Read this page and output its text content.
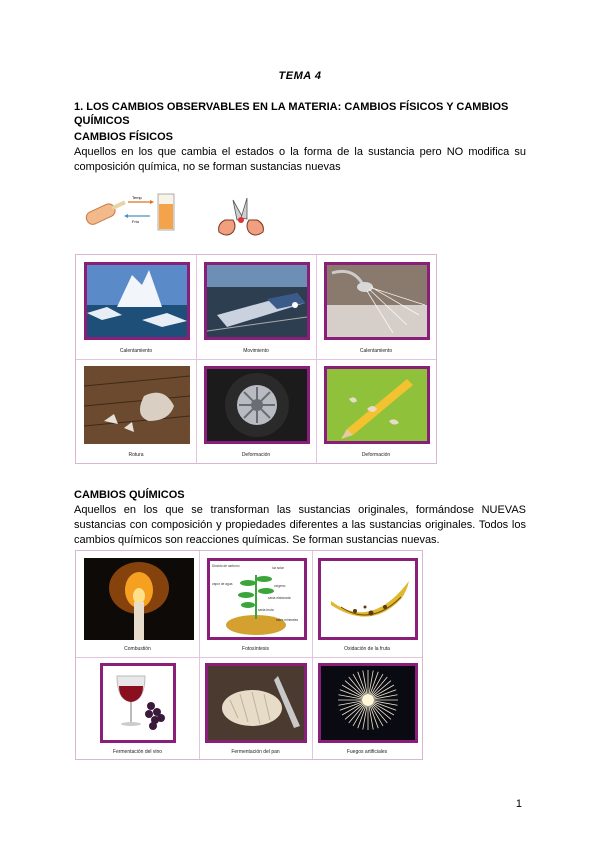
TEMA 4
1. LOS CAMBIOS OBSERVABLES EN LA MATERIA: CAMBIOS FÍSICOS Y CAMBIOS QUÍMICOS
CAMBIOS FÍSICOS
Aquellos en los que cambia el estados o la forma de la sustancia pero NO modifica su composición química, no se forman sustancias nuevas
Temp
Frío
Calentamiento	Movimiento	Calentamiento
Rotura	Deformación	Deformación
CAMBIOS QUÍMICOS
Aquellos en los que se transforman las sustancias originales, formándose NUEVAS sustancias con composición y propiedades diferentes a las sustancias originales. Todos los cambios químicos son reacciones químicas. Se forman sustancias nuevas.
Combustión
Dióxido de carbono	luz solar
vapor de agua	oxígeno
savia elaborada
savia bruta
sales minerales
Fotosíntesis	Oxidación de la fruta
Fermentación del vino	Fermentación del pan	Fuegos artificiales
1
